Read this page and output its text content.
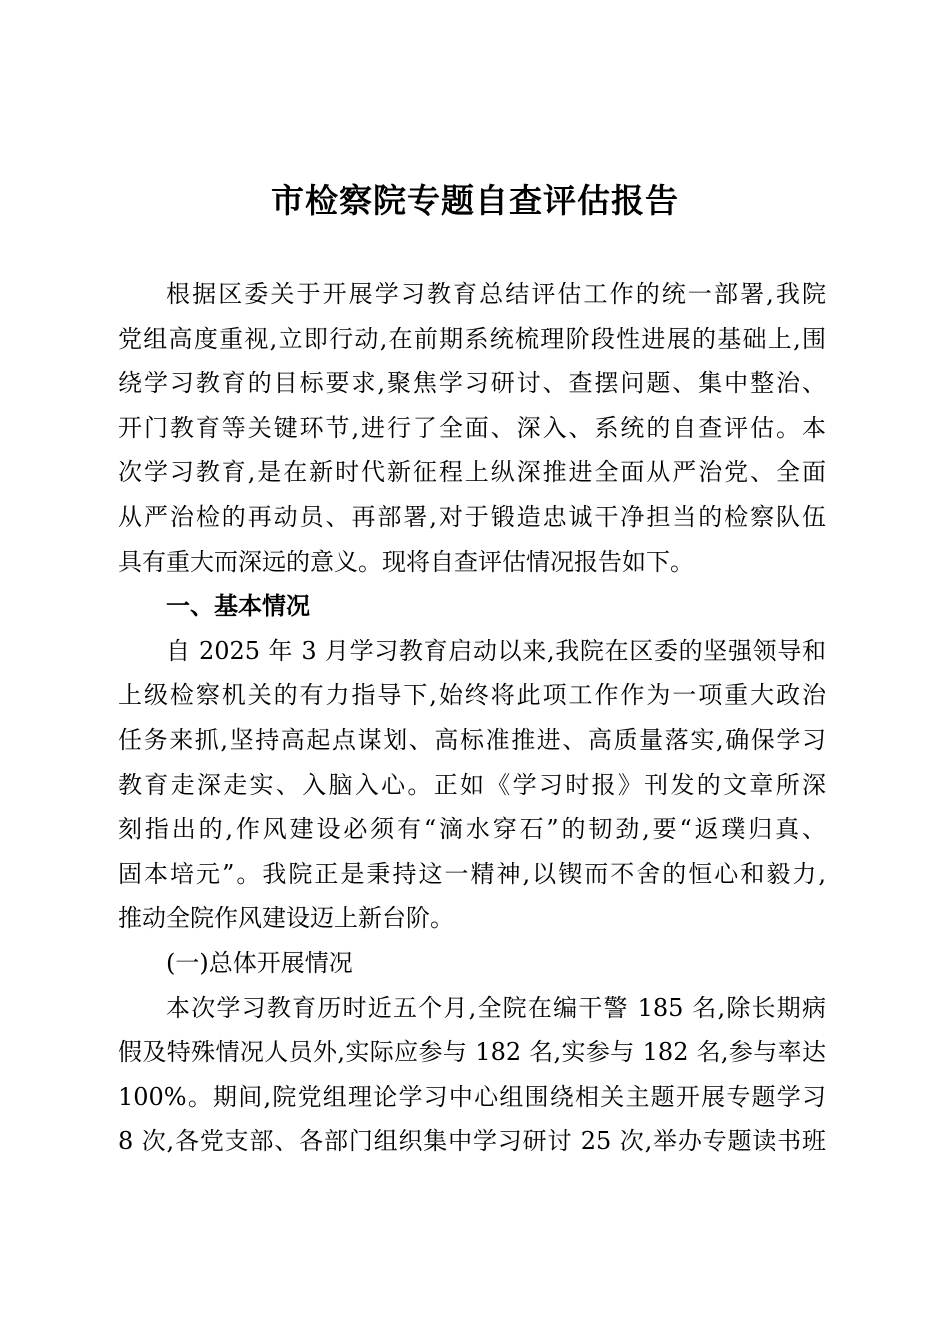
市检察院专题自查评估报告
根据区委关于开展学习教育总结评估工作的统一部署,我院
党组高度重视,立即行动,在前期系统梳理阶段性进展的基础上,围
绕学习教育的目标要求,聚焦学习研讨、查摆问题、集中整治、
开门教育等关键环节,进行了全面、深入、系统的自查评估。本
次学习教育,是在新时代新征程上纵深推进全面从严治党、全面
从严治检的再动员、再部署,对于锻造忠诚干净担当的检察队伍
具有重大而深远的意义。现将自查评估情况报告如下。
一、基本情况
自 2025 年 3 月学习教育启动以来,我院在区委的坚强领导和
上级检察机关的有力指导下,始终将此项工作作为一项重大政治
任务来抓,坚持高起点谋划、高标准推进、高质量落实,确保学习
教育走深走实、入脑入心。正如《学习时报》刊发的文章所深
刻指出的,作风建设必须有“滴水穿石”的韧劲,要“返璞归真、
固本培元”。我院正是秉持这一精神,以锲而不舍的恒心和毅力,
推动全院作风建设迈上新台阶。
(一)总体开展情况
本次学习教育历时近五个月,全院在编干警 185 名,除长期病
假及特殊情况人员外,实际应参与 182 名,实参与 182 名,参与率达
100%。期间,院党组理论学习中心组围绕相关主题开展专题学习
8 次,各党支部、各部门组织集中学习研讨 25 次,举办专题读书班
